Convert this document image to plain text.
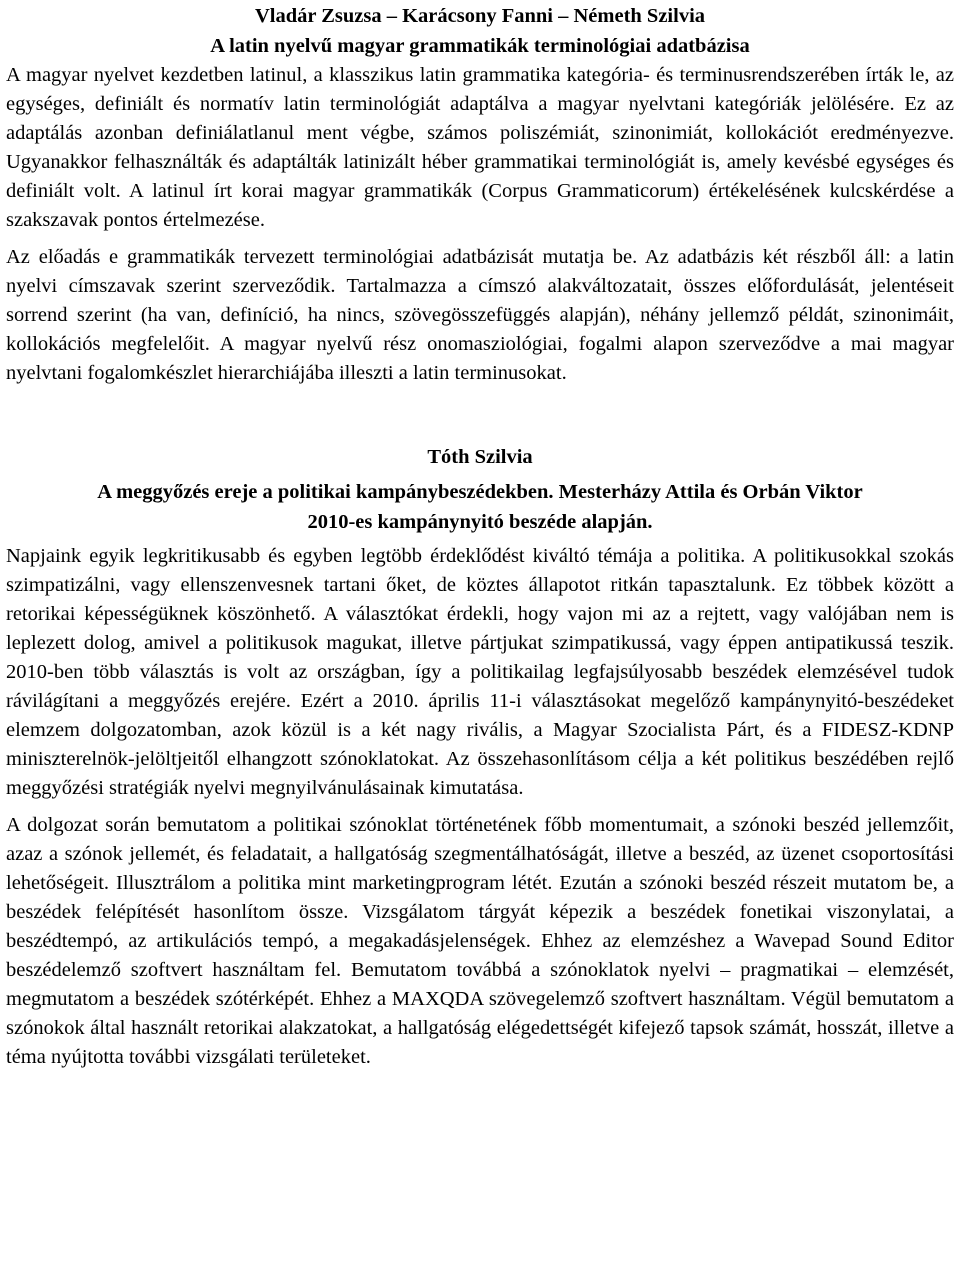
Vladár Zsuzsa – Karácsony Fanni – Németh Szilvia

A latin nyelvű magyar grammatikák terminológiai adatbázisa

A magyar nyelvet kezdetben latinul, a klasszikus latin grammatika kategória- és terminusrendszerében írták le, az egységes, definiált és normatív latin terminológiát adaptálva a magyar nyelvtani kategóriák jelölésére. Ez az adaptálás azonban definiálatlanul ment végbe, számos poliszémiát, szinonimiát, kollokációt eredményezve. Ugyanakkor felhasználták és adaptálták latinizált héber grammatikai terminológiát is, amely kevésbé egységes és definiált volt. A latinul írt korai magyar grammatikák (Corpus Grammaticorum) értékelésének kulcskérdése a szakszavak pontos értelmezése.

Az előadás e grammatikák tervezett terminológiai adatbázisát mutatja be. Az adatbázis két részből áll: a latin nyelvi címszavak szerint szerveződik. Tartalmazza a címszó alakváltozatait, összes előfordulását, jelentéseit sorrend szerint (ha van, definíció, ha nincs, szövegösszefüggés alapján), néhány jellemző példát, szinonimáit, kollokációs megfelelőit. A magyar nyelvű rész onomasziológiai, fogalmi alapon szerveződve a mai magyar nyelvtani fogalomkészlet hierarchiájába illeszti a latin terminusokat.

Tóth Szilvia

A meggyőzés ereje a politikai kampánybeszédekben. Mesterházy Attila és Orbán Viktor

2010-es kampánynyitó beszéde alapján.

Napjaink egyik legkritikusabb és egyben legtöbb érdeklődést kiváltó témája a politika. A politikusokkal szokás szimpatizálni, vagy ellenszenvesnek tartani őket, de köztes állapotot ritkán tapasztalunk. Ez többek között a retorikai képességüknek köszönhető. A választókat érdekli, hogy vajon mi az a rejtett, vagy valójában nem is leplezett dolog, amivel a politikusok magukat, illetve pártjukat szimpatikussá, vagy éppen antipatikussá teszik. 2010-ben több választás is volt az országban, így a politikailag legfajsúlyosabb beszédek elemzésével tudok rávilágítani a meggyőzés erejére. Ezért a 2010. április 11-i választásokat megelőző kampánynyitó-beszédeket elemzem dolgozatomban, azok közül is a két nagy rivális, a Magyar Szocialista Párt, és a FIDESZ-KDNP miniszterelnök-jelöltjeitől elhangzott szónoklatokat. Az összehasonlításom célja a két politikus beszédében rejlő meggyőzési stratégiák nyelvi megnyilvánulásainak kimutatása.

A dolgozat során bemutatom a politikai szónoklat történetének főbb momentumait, a szónoki beszéd jellemzőit, azaz a szónok jellemét, és feladatait, a hallgatóság szegmentálhatóságát, illetve a beszéd, az üzenet csoportosítási lehetőségeit. Illusztrálom a politika mint marketingprogram létét. Ezután a szónoki beszéd részeit mutatom be, a beszédek felépítését hasonlítom össze. Vizsgálatom tárgyát képezik a beszédek fonetikai viszonylatai, a beszédtempó, az artikulációs tempó, a megakadásjelenségek. Ehhez az elemzéshez a Wavepad Sound Editor beszédelemző szoftvert használtam fel. Bemutatom továbbá a szónoklatok nyelvi – pragmatikai – elemzését, megmutatom a beszédek szótérképét. Ehhez a MAXQDA szövegelemző szoftvert használtam. Végül bemutatom a szónokok által használt retorikai alakzatokat, a hallgatóság elégedettségét kifejező tapsok számát, hosszát, illetve a téma nyújtotta további vizsgálati területeket.
